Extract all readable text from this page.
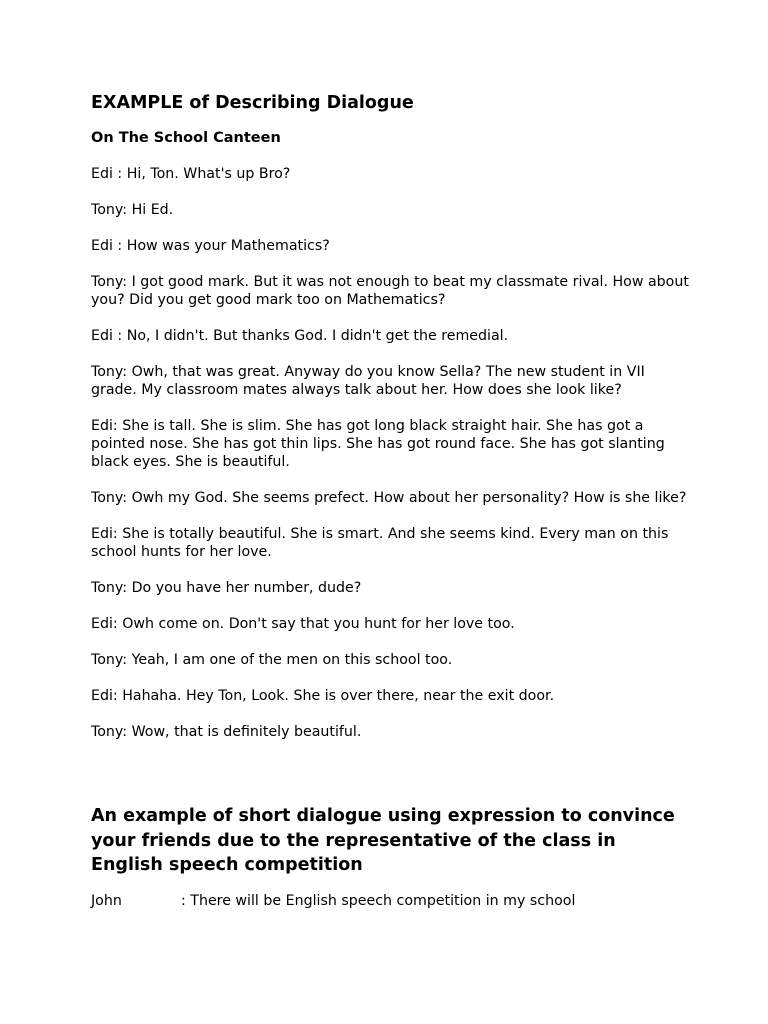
EXAMPLE of Describing Dialogue
On The School Canteen

Edi : Hi, Ton. What's up Bro?

Tony: Hi Ed.

Edi : How was your Mathematics?

Tony: I got good mark. But it was not enough to beat my classmate rival. How about you? Did you get good mark too on Mathematics?

Edi : No, I didn't. But thanks God. I didn't get the remedial.

Tony: Owh, that was great. Anyway do you know Sella? The new student in VII grade. My classroom mates always talk about her. How does she look like?

Edi: She is tall. She is slim. She has got long black straight hair. She has got a pointed nose. She has got thin lips. She has got round face. She has got slanting black eyes. She is beautiful.

Tony: Owh my God. She seems prefect. How about her personality? How is she like?

Edi: She is totally beautiful. She is smart. And she seems kind. Every man on this school hunts for her love.

Tony: Do you have her number, dude?

Edi: Owh come on. Don't say that you hunt for her love too.

Tony: Yeah, I am one of the men on this school too.

Edi: Hahaha. Hey Ton, Look. She is over there, near the exit door.

Tony: Wow, that is definitely beautiful.

An example of short dialogue using expression to convince your friends due to the representative of the class in English speech competition

John	: There will be English speech competition in my school
